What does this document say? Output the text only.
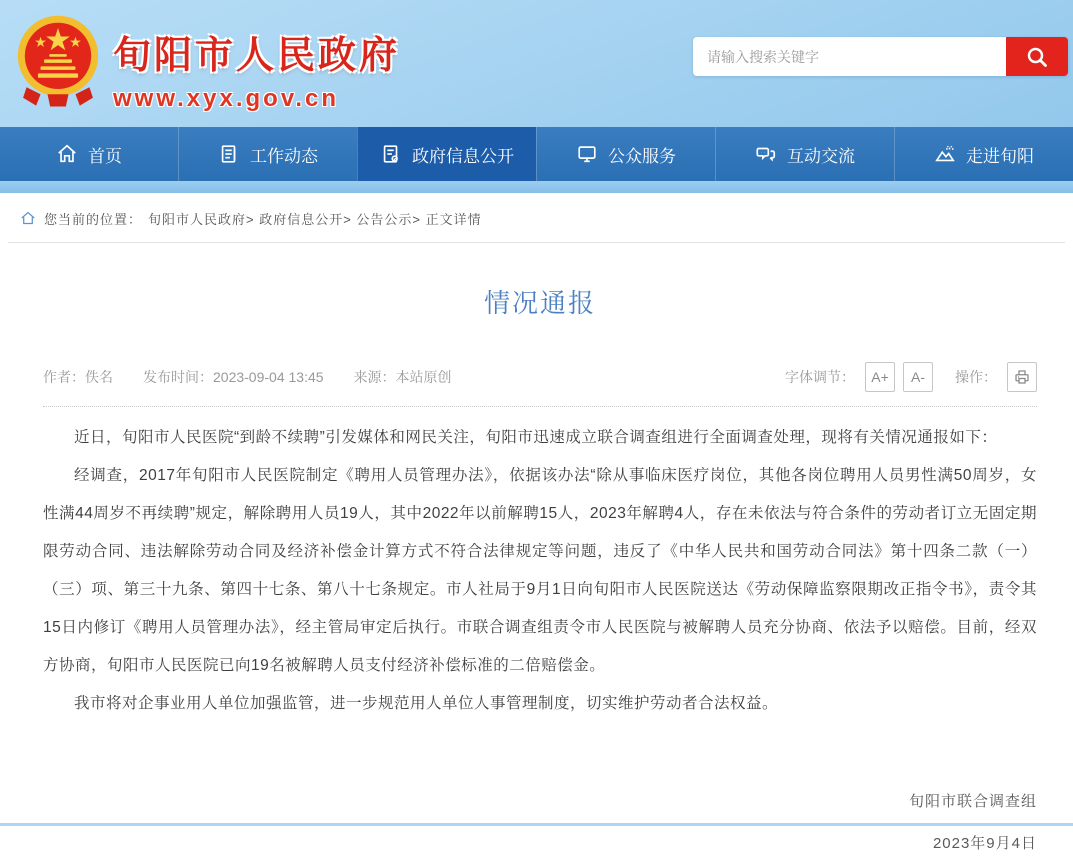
旬阳市人民政府
www.xyx.gov.cn
请输入搜索关键字
首页	工作动态	政府信息公开	公众服务	互动交流	走进旬阳
您当前的位置： 旬阳市人民政府> 政府信息公开> 公告公示> 正文详情
情况通报
作者：佚名 发布时间：2023-09-04 13:45 来源：本站原创	字体调节：	A+	A-	操作：

近日，旬阳市人民医院“到龄不续聘”引发媒体和网民关注，旬阳市迅速成立联合调查组进行全面调查处理，现将有关情况通报如下：

经调查，2017年旬阳市人民医院制定《聘用人员管理办法》，依据该办法“除从事临床医疗岗位，其他各岗位聘用人员男性满50周岁，女性满44周岁不再续聘”规定，解除聘用人员19人，其中2022年以前解聘15人，2023年解聘4人，存在未依法与符合条件的劳动者订立无固定期限劳动合同、违法解除劳动合同及经济补偿金计算方式不符合法律规定等问题，违反了《中华人民共和国劳动合同法》第十四条二款（一） （三）项、第三十九条、第四十七条、第八十七条规定。市人社局于9月1日向旬阳市人民医院送达《劳动保障监察限期改正指令书》，责令其15日内修订《聘用人员管理办法》，经主管局审定后执行。市联合调查组责令市人民医院与被解聘人员充分协商、依法予以赔偿。目前，经双方协商，旬阳市人民医院已向19名被解聘人员支付经济补偿标准的二倍赔偿金。

我市将对企事业用人单位加强监管，进一步规范用人单位人事管理制度，切实维护劳动者合法权益。

旬阳市联合调查组
2023年9月4日
